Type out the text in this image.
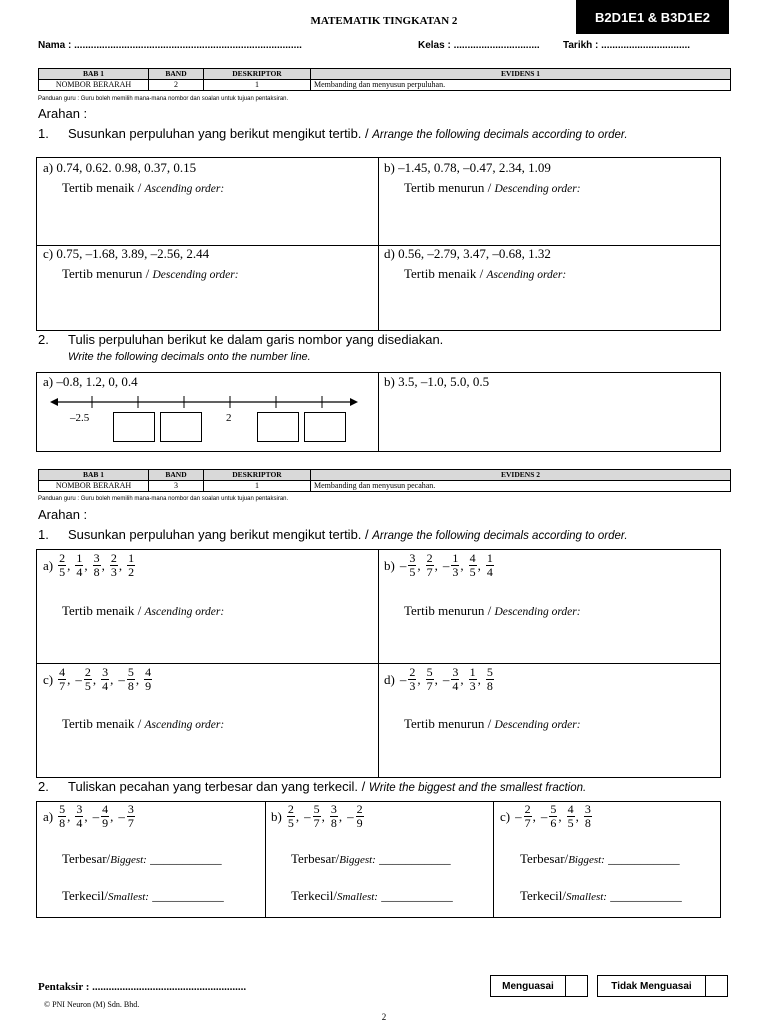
B2D1E1 & B3D1E2
MATEMATIK TINGKATAN 2
Nama : ..................................................................................	Kelas : ............................... Tarikh : ................................
BAB 1	BAND	DESKRIPTOR	EVIDENS 1
NOMBOR BERARAH	2	1	Membanding dan menyusun perpuluhan.
Panduan guru : Guru boleh memilih mana-mana nombor dan soalan untuk tujuan pentaksiran.
Arahan :
1. Susunkan perpuluhan yang berikut mengikut tertib. / Arrange the following decimals according to order.
a) 0.74, 0.62. 0.98, 0.37, 0.15
Tertib menaik / Ascending order:
b) –1.45, 0.78, –0.47, 2.34, 1.09
Tertib menurun / Descending order:
c) 0.75, –1.68, 3.89, –2.56, 2.44
Tertib menurun / Descending order:
d) 0.56, –2.79, 3.47, –0.68, 1.32
Tertib menaik / Ascending order:
2. Tulis perpuluhan berikut ke dalam garis nombor yang disediakan.
Write the following decimals onto the number line.
a) –0.8, 1.2, 0, 0.4
–2.5	2
b) 3.5, –1.0, 5.0, 0.5
BAB 1	BAND	DESKRIPTOR	EVIDENS 2
NOMBOR BERARAH	3	1	Membanding dan menyusun pecahan.
Panduan guru : Guru boleh memilih mana-mana nombor dan soalan untuk tujuan pentaksiran.
Arahan :
1. Susunkan perpuluhan yang berikut mengikut tertib. / Arrange the following decimals according to order.
$a) \frac{2}{5}$ , $\frac{1}{4}$ , $\frac{3}{8}$ , $\frac{2}{3}$ , $\frac{1}{2}$
Tertib menaik / Ascending order:
$b) - \frac{3}{5}$ , $\frac{2}{7}$ , – $\frac{1}{3}$ , $\frac{4}{5}$ , $\frac{1}{4}$
Tertib menurun / Descending order:
$c) \frac{4}{7}$ , – $\frac{2}{5}$ , $\frac{3}{4}$ , – $\frac{5}{8}$ , $\frac{4}{9}$
Tertib menaik / Ascending order:
$d) - \frac{2}{3}$ , $\frac{5}{7}$ , – $\frac{3}{4}$ , $\frac{1}{3}$ , $\frac{5}{8}$
Tertib menurun / Descending order:
2. Tuliskan pecahan yang terbesar dan yang terkecil. / Write the biggest and the smallest fraction.
$a) \frac{5}{8}$ , $\frac{3}{4}$ , – $\frac{4}{9}$ , – $\frac{3}{7}$
Terbesar/Biggest: ___________
Terkecil/Smallest: ___________
$b) \frac{2}{5}$ , – $\frac{5}{7}$ , $\frac{3}{8}$ , – $\frac{2}{9}$
Terbesar/Biggest: ___________
Terkecil/Smallest: ___________
$c) - \frac{2}{7}$ , – $\frac{5}{6}$ , $\frac{4}{5}$ , $\frac{3}{8}$
Terbesar/Biggest: ___________
Terkecil/Smallest: ___________
Pentaksir : ........................................................
© PNI Neuron (M) Sdn. Bhd.
Menguasai	Tidak Menguasai
2
